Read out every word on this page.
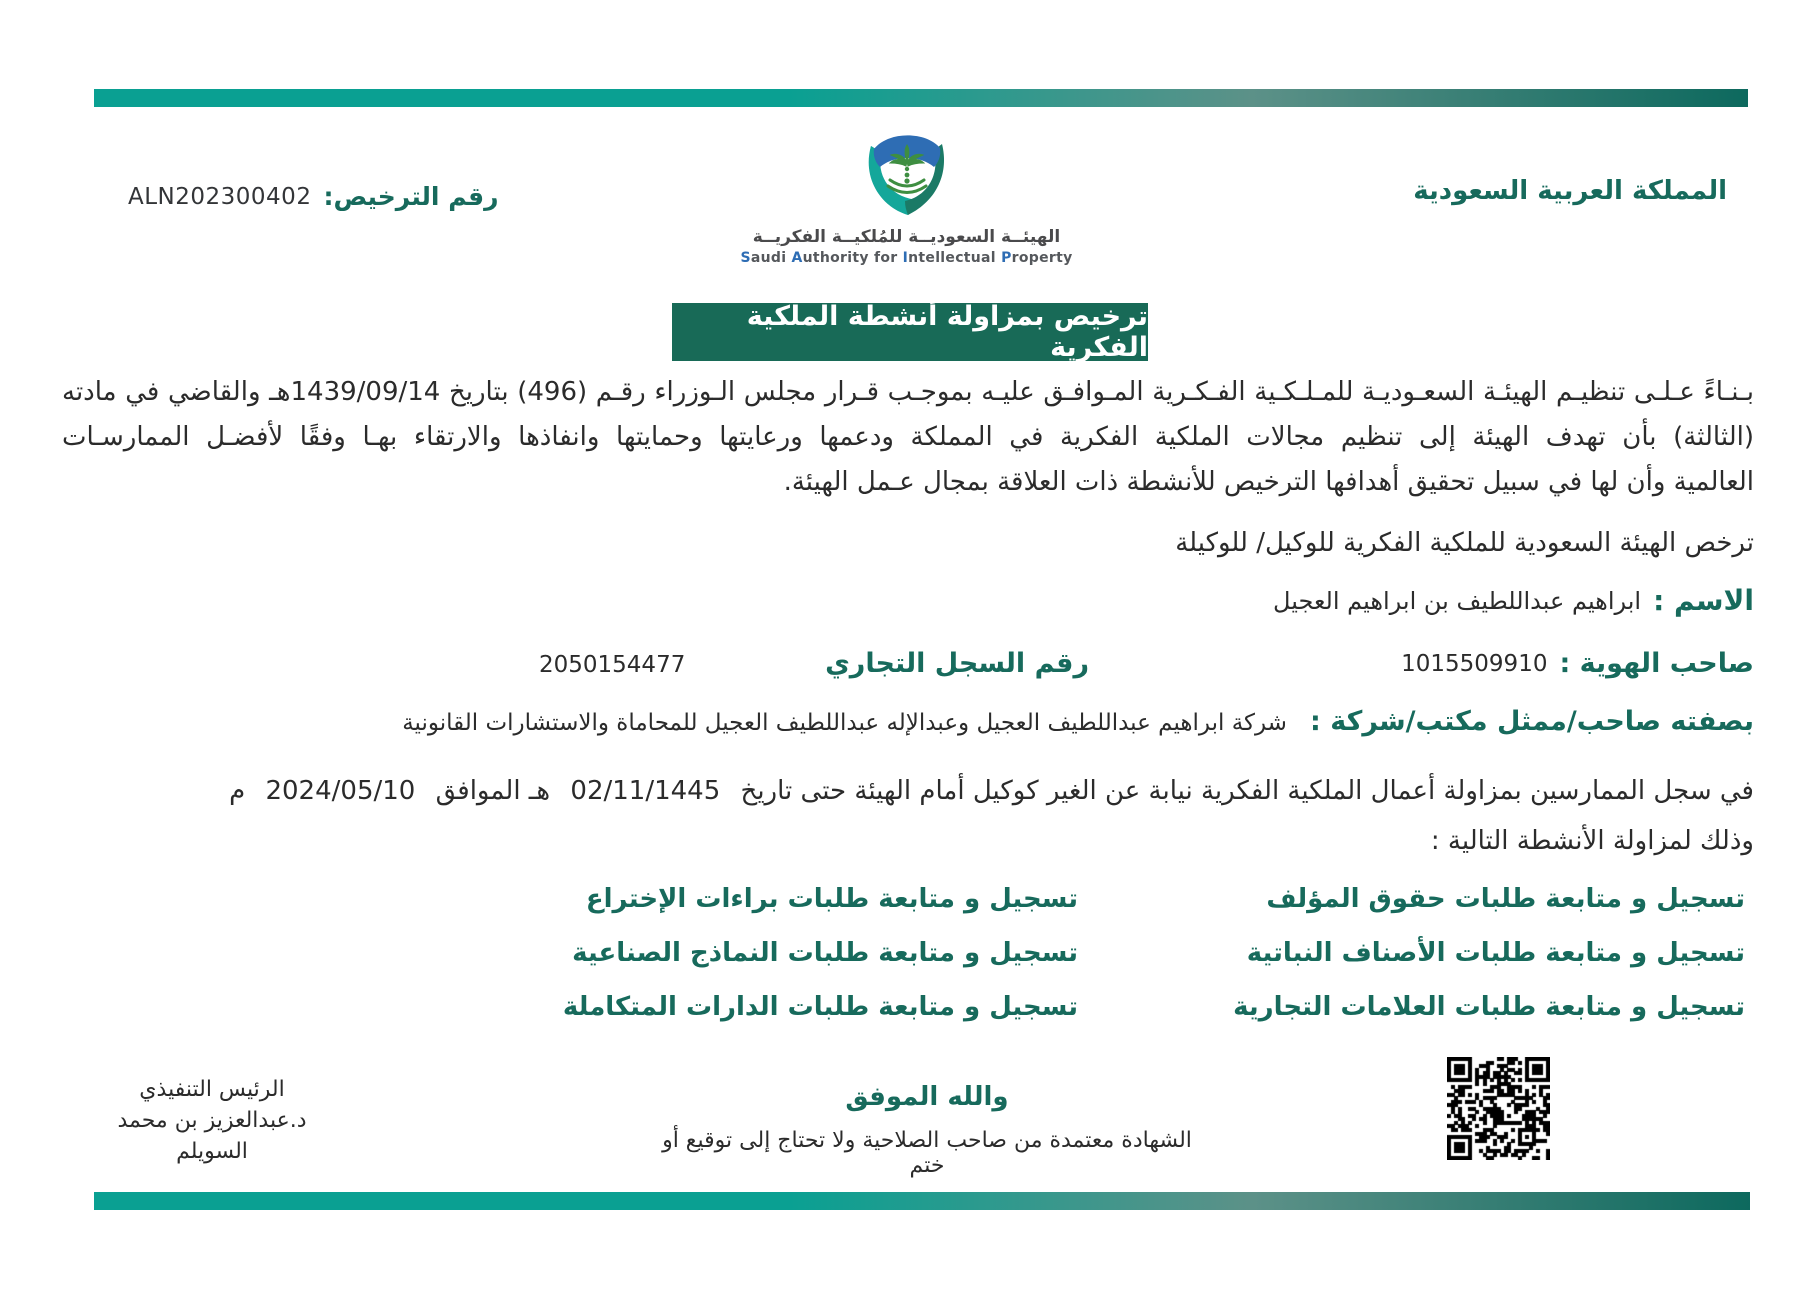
المملكة العربية السعودية
رقم الترخيص:
ALN202300402
الهيئــة السعوديــة للمُلكيــة الفكريــة
Saudi Authority for Intellectual Property
ترخيص بمزاولة أنشطة الملكية الفكرية
بـنـاءً عـلـى تنظيـم الهيئـة السعـوديـة للمـلـكـية الفـكـرية المـوافـق عليـه بموجـب قـرار مجلس الـوزراء رقـم (496) بتاريخ 1439/09/14هـ والقاضي في مادته
(الثالثة) بأن تهدف الهيئة إلى تنظيم مجالات الملكية الفكرية في المملكة ودعمها ورعايتها وحمايتها وانفاذها والارتقاء بهـا وفقًا لأفضـل الممارسـات
العالمية وأن لها في سبيل تحقيق أهدافها الترخيص للأنشطة ذات العلاقة بمجال عـمل الهيئة.
ترخص الهيئة السعودية للملكية الفكرية للوكيل/ للوكيلة
الاسم :
ابراهيم عبداللطيف بن ابراهيم العجيل
صاحب الهوية :
1015509910
رقم السجل التجاري
2050154477
بصفته صاحب/ممثل مكتب/شركة : شركة ابراهيم عبداللطيف العجيل وعبدالإله عبداللطيف العجيل للمحاماة والاستشارات القانونية
في سجل الممارسين بمزاولة أعمال الملكية الفكرية نيابة عن الغير كوكيل أمام الهيئة حتى تاريخ 02/11/1445 هـ الموافق 2024/05/10 م
وذلك لمزاولة الأنشطة التالية :
تسجيل و متابعة طلبات حقوق المؤلف
تسجيل و متابعة طلبات الأصناف النباتية
تسجيل و متابعة طلبات العلامات التجارية
تسجيل و متابعة طلبات براءات الإختراع
تسجيل و متابعة طلبات النماذج الصناعية
تسجيل و متابعة طلبات الدارات المتكاملة
والله الموفق
الشهادة معتمدة من صاحب الصلاحية ولا تحتاج إلى توقيع أو ختم
الرئيس التنفيذي
د.عبدالعزيز بن محمد السويلم
